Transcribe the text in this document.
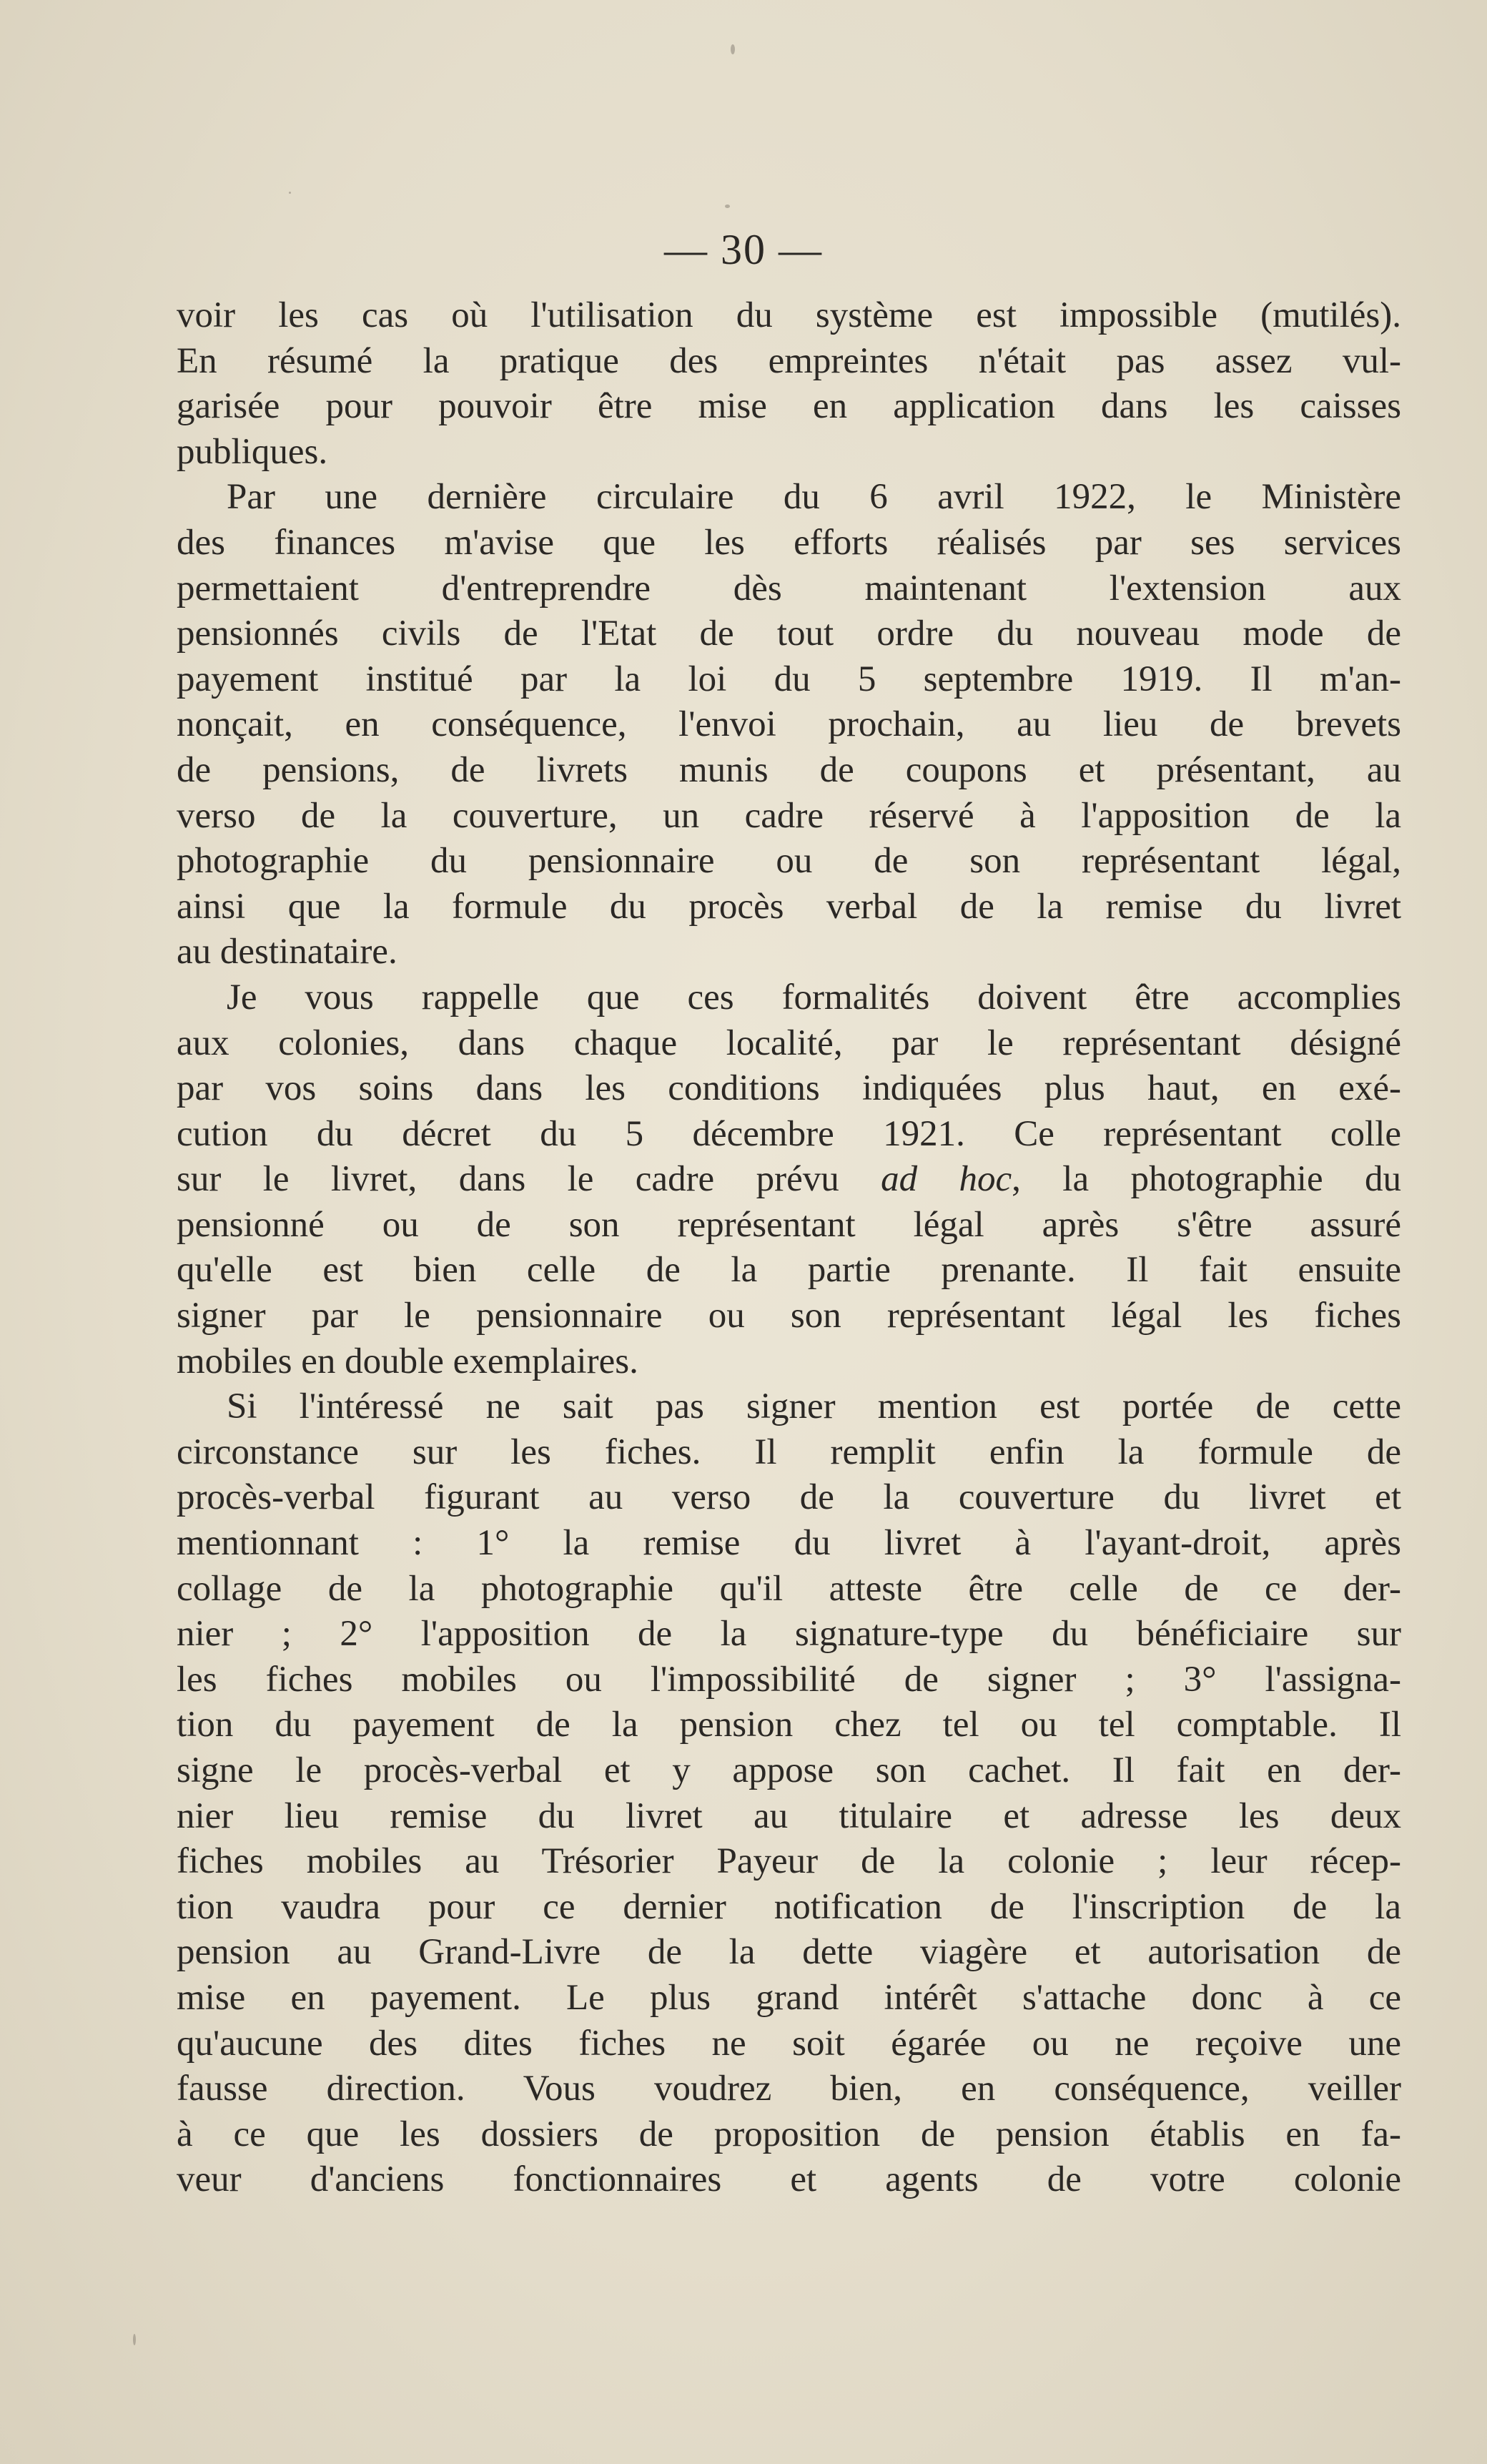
— 30 —
voir les cas où l'utilisation du système est impossible (mutilés).
En résumé la pratique des empreintes n'était pas assez vul-
garisée pour pouvoir être mise en application dans les caisses
publiques.
Par une dernière circulaire du 6 avril 1922, le Ministère
des finances m'avise que les efforts réalisés par ses services
permettaient d'entreprendre dès maintenant l'extension aux
pensionnés civils de l'Etat de tout ordre du nouveau mode de
payement institué par la loi du 5 septembre 1919. Il m'an-
nonçait, en conséquence, l'envoi prochain, au lieu de brevets
de pensions, de livrets munis de coupons et présentant, au
verso de la couverture, un cadre réservé à l'apposition de la
photographie du pensionnaire ou de son représentant légal,
ainsi que la formule du procès verbal de la remise du livret
au destinataire.
Je vous rappelle que ces formalités doivent être accomplies
aux colonies, dans chaque localité, par le représentant désigné
par vos soins dans les conditions indiquées plus haut, en exé-
cution du décret du 5 décembre 1921. Ce représentant colle
sur le livret, dans le cadre prévu ad hoc, la photographie du
pensionné ou de son représentant légal après s'être assuré
qu'elle est bien celle de la partie prenante. Il fait ensuite
signer par le pensionnaire ou son représentant légal les fiches
mobiles en double exemplaires.
Si l'intéressé ne sait pas signer mention est portée de cette
circonstance sur les fiches. Il remplit enfin la formule de
procès-verbal figurant au verso de la couverture du livret et
mentionnant : 1° la remise du livret à l'ayant-droit, après
collage de la photographie qu'il atteste être celle de ce der-
nier ; 2° l'apposition de la signature-type du bénéficiaire sur
les fiches mobiles ou l'impossibilité de signer ; 3° l'assigna-
tion du payement de la pension chez tel ou tel comptable. Il
signe le procès-verbal et y appose son cachet. Il fait en der-
nier lieu remise du livret au titulaire et adresse les deux
fiches mobiles au Trésorier Payeur de la colonie ; leur récep-
tion vaudra pour ce dernier notification de l'inscription de la
pension au Grand-Livre de la dette viagère et autorisation de
mise en payement. Le plus grand intérêt s'attache donc à ce
qu'aucune des dites fiches ne soit égarée ou ne reçoive une
fausse direction. Vous voudrez bien, en conséquence, veiller
à ce que les dossiers de proposition de pension établis en fa-
veur d'anciens fonctionnaires et agents de votre colonie
